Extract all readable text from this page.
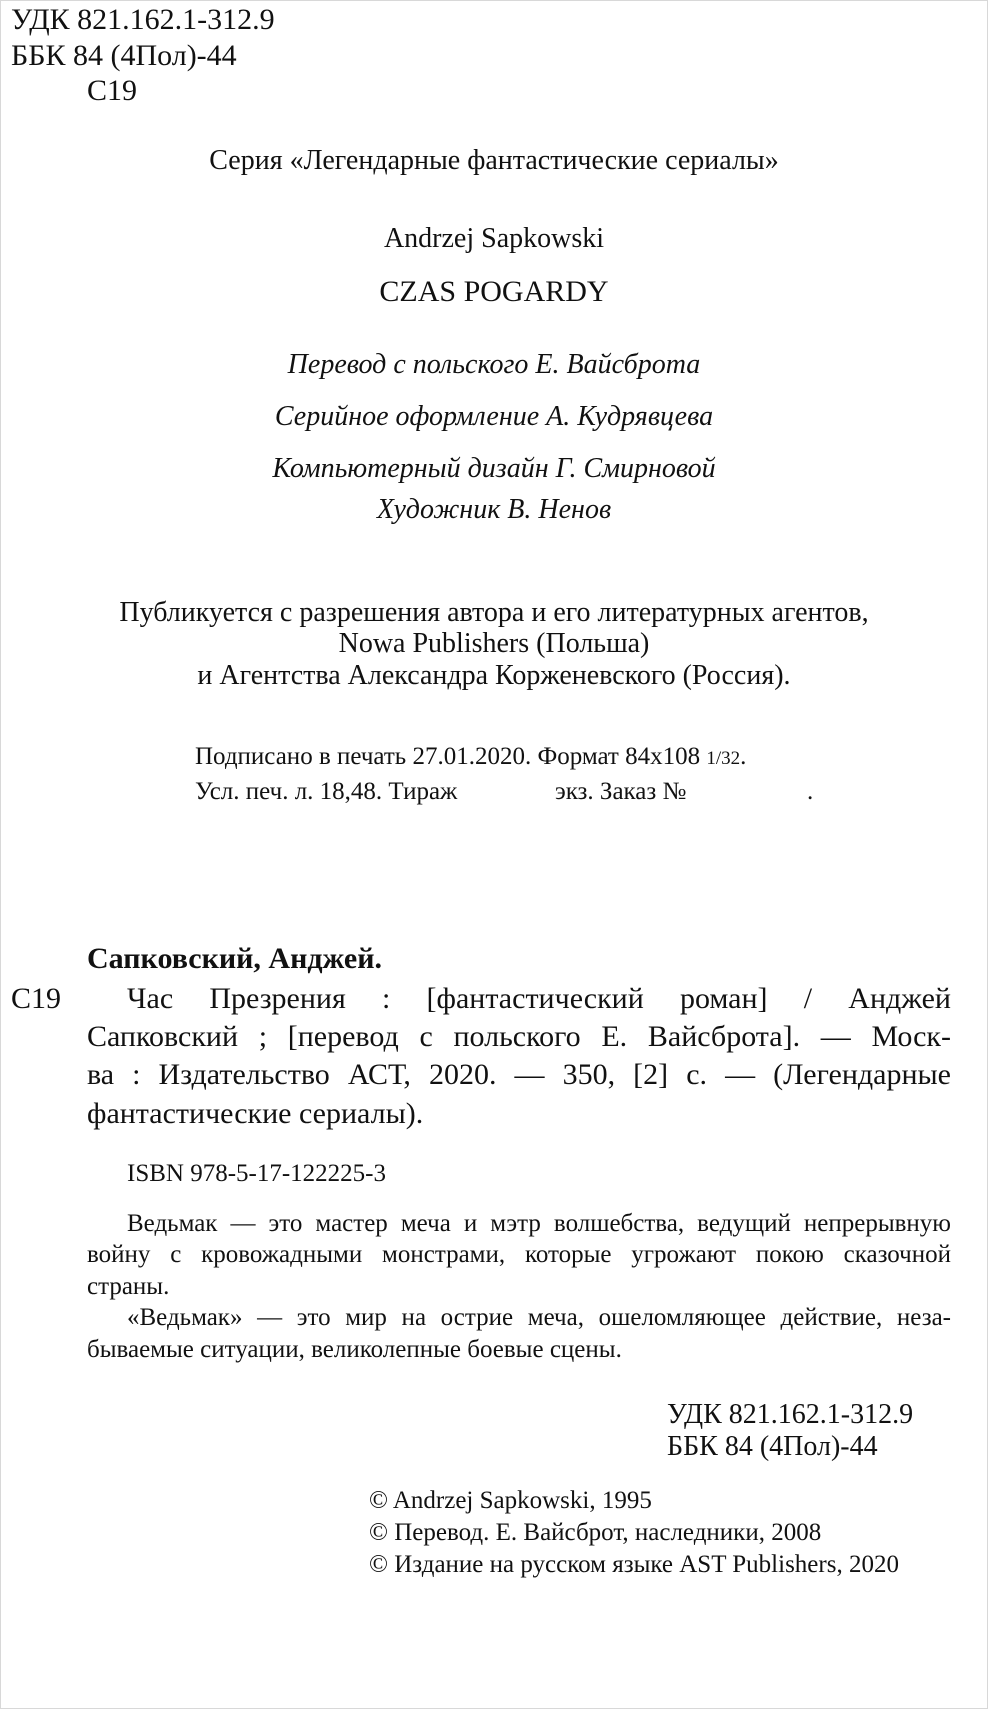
УДК 821.162.1-312.9
ББК 84 (4Пол)-44
С19
Серия «Легендарные фантастические сериалы»
Andrzej Sapkowski
CZAS POGARDY
Перевод с польского Е. Вайсброта
Серийное оформление А. Кудрявцева
Компьютерный дизайн Г. Смирновой
Художник В. Ненов
Публикуется с разрешения автора и его литературных агентов,
Nowa Publishers (Польша)
и Агентства Александра Корженевского (Россия).
Подписано в печать 27.01.2020. Формат 84x108 1/32.
Усл. печ. л. 18,48. Тираж	экз. Заказ №	.
Сапковский, Анджей.
С19 Час Презрения : [фантастический роман] / Анджей
Сапковский ; [перевод с польского Е. Вайсброта]. — Моск-
ва : Издательство АСТ, 2020. — 350, [2] с. — (Легендарные
фантастические сериалы).
ISBN 978-5-17-122225-3
Ведьмак — это мастер меча и мэтр волшебства, ведущий непрерывную
войну с кровожадными монстрами, которые угрожают покою сказочной
страны.
«Ведьмак» — это мир на острие меча, ошеломляющее действие, неза-
бываемые ситуации, великолепные боевые сцены.
УДК 821.162.1-312.9
ББК 84 (4Пол)-44
© Andrzej Sapkowski, 1995
© Перевод. Е. Вайсброт, наследники, 2008
© Издание на русском языке AST Publishers, 2020
